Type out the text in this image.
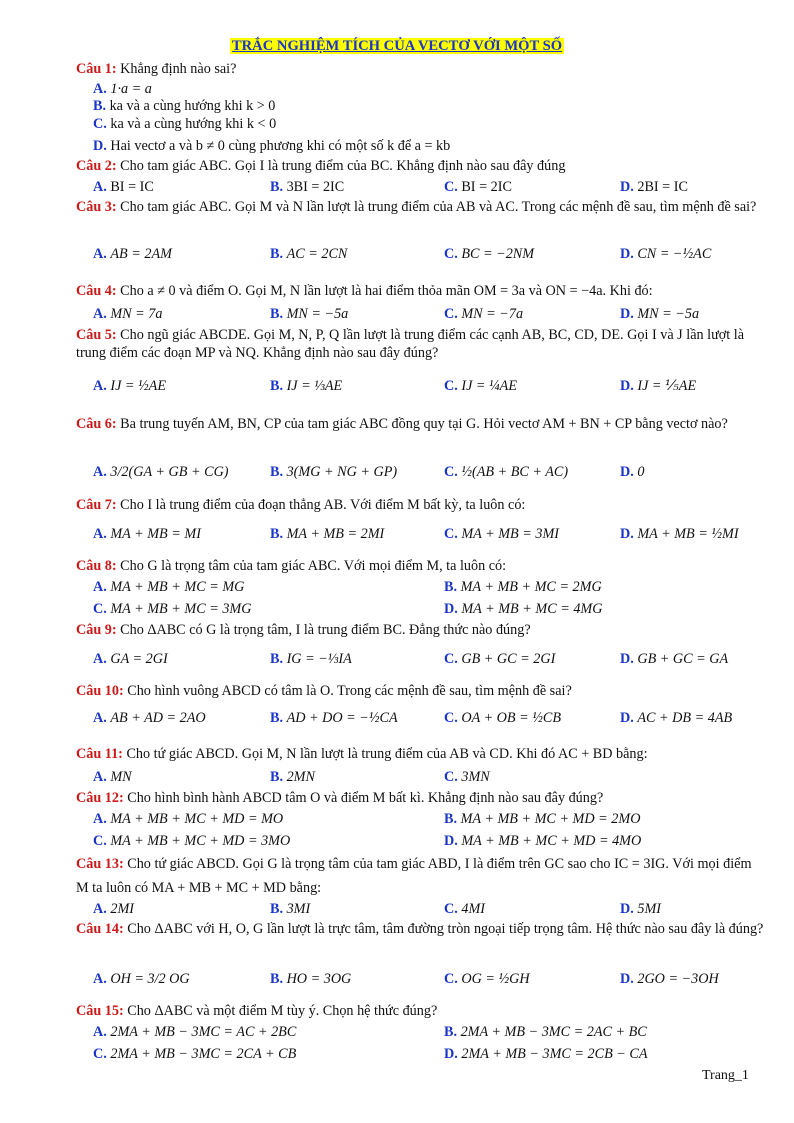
TRẮC NGHIỆM TÍCH CỦA VECTƠ VỚI MỘT SỐ
Câu 1: Khẳng định nào sai?
A. 1·a = a
B. ka và a cùng hướng khi k > 0
C. ka và a cùng hướng khi k < 0
D. Hai vectơ a và b ≠ 0 cùng phương khi có một số k để a = kb
Câu 2: Cho tam giác ABC. Gọi I là trung điểm của BC. Khẳng định nào sau đây đúng
A. BI = IC	B. 3BI = 2IC	C. BI = 2IC	D. 2BI = IC
Câu 3: Cho tam giác ABC. Gọi M và N lần lượt là trung điểm của AB và AC. Trong các mệnh đề sau, tìm mệnh đề sai?
A. AB = 2AM	B. AC = 2CN	C. BC = −2NM	D. CN = −½AC
Câu 4: Cho a ≠ 0 và điểm O. Gọi M, N lần lượt là hai điểm thỏa mãn OM = 3a và ON = −4a. Khi đó:
A. MN = 7a	B. MN = −5a	C. MN = −7a	D. MN = −5a
Câu 5: Cho ngũ giác ABCDE. Gọi M, N, P, Q lần lượt là trung điểm các cạnh AB, BC, CD, DE. Gọi I và J lần lượt là trung điểm các đoạn MP và NQ. Khẳng định nào sau đây đúng?
A. IJ = ½AE	B. IJ = ⅓AE	C. IJ = ¼AE	D. IJ = ⅕AE
Câu 6: Ba trung tuyến AM, BN, CP của tam giác ABC đồng quy tại G. Hỏi vectơ AM + BN + CP bằng vectơ nào?
A. 3/2(GA + GB + CG)	B. 3(MG + NG + GP)	C. ½(AB + BC + AC)	D. 0
Câu 7: Cho I là trung điểm của đoạn thẳng AB. Với điểm M bất kỳ, ta luôn có:
A. MA + MB = MI	B. MA + MB = 2MI	C. MA + MB = 3MI	D. MA + MB = ½MI
Câu 8: Cho G là trọng tâm của tam giác ABC. Với mọi điểm M, ta luôn có:
A. MA + MB + MC = MG	B. MA + MB + MC = 2MG
C. MA + MB + MC = 3MG	D. MA + MB + MC = 4MG
Câu 9: Cho ΔABC có G là trọng tâm, I là trung điểm BC. Đẳng thức nào đúng?
A. GA = 2GI	B. IG = −⅓IA	C. GB + GC = 2GI	D. GB + GC = GA
Câu 10: Cho hình vuông ABCD có tâm là O. Trong các mệnh đề sau, tìm mệnh đề sai?
A. AB + AD = 2AO	B. AD + DO = −½CA	C. OA + OB = ½CB	D. AC + DB = 4AB
Câu 11: Cho tứ giác ABCD. Gọi M, N lần lượt là trung điểm của AB và CD. Khi đó AC + BD bằng:
A. MN	B. 2MN	C. 3MN
Câu 12: Cho hình bình hành ABCD tâm O và điểm M bất kì. Khẳng định nào sau đây đúng?
A. MA + MB + MC + MD = MO	B. MA + MB + MC + MD = 2MO
C. MA + MB + MC + MD = 3MO	D. MA + MB + MC + MD = 4MO
Câu 13: Cho tứ giác ABCD. Gọi G là trọng tâm của tam giác ABD, I là điểm trên GC sao cho IC = 3IG. Với mọi điểm M ta luôn có MA + MB + MC + MD bằng:
A. 2MI	B. 3MI	C. 4MI	D. 5MI
Câu 14: Cho ΔABC với H, O, G lần lượt là trực tâm, tâm đường tròn ngoại tiếp trọng tâm. Hệ thức nào sau đây là đúng?
A. OH = 3/2 OG	B. HO = 3OG	C. OG = ½GH	D. 2GO = −3OH
Câu 15: Cho ΔABC và một điểm M tùy ý. Chọn hệ thức đúng?
A. 2MA + MB − 3MC = AC + 2BC	B. 2MA + MB − 3MC = 2AC + BC
C. 2MA + MB − 3MC = 2CA + CB	D. 2MA + MB − 3MC = 2CB − CA
Trang_1
